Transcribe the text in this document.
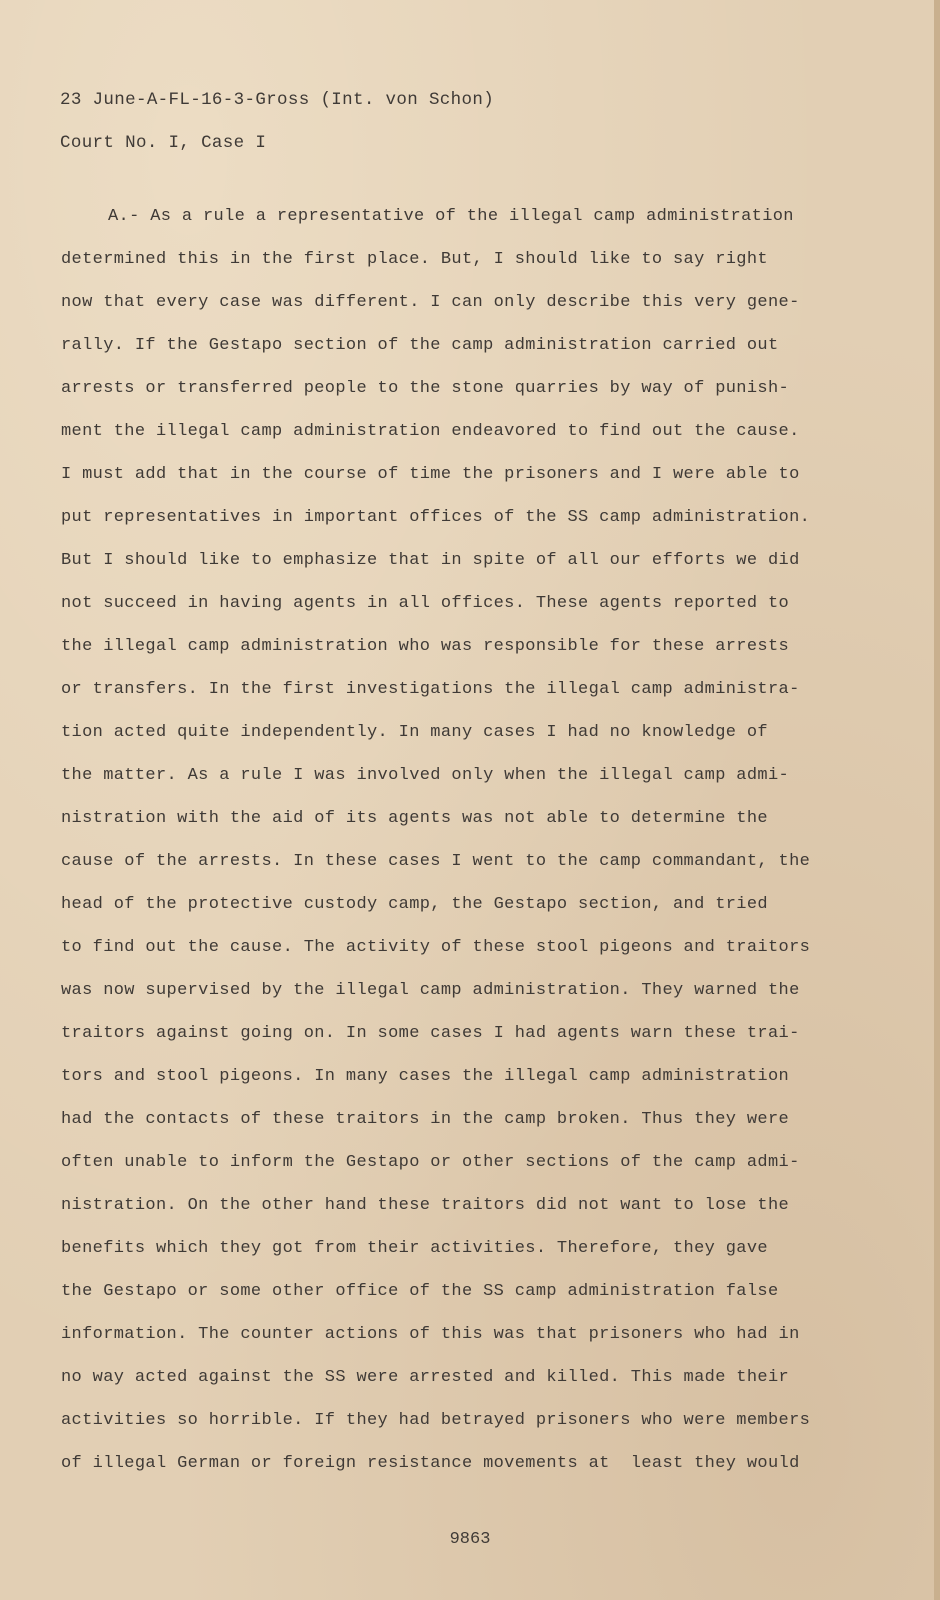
23 June-A-FL-16-3-Gross (Int. von Schon)

Court No. I, Case I

A.- As a rule a representative of the illegal camp administration

determined this in the first place. But, I should like to say right

now that every case was different. I can only describe this very gene-

rally. If the Gestapo section of the camp administration carried out

arrests or transferred people to the stone quarries by way of punish-

ment the illegal camp administration endeavored to find out the cause.

I must add that in the course of time the prisoners and I were able to

put representatives in important offices of the SS camp administration.

But I should like to emphasize that in spite of all our efforts we did

not succeed in having agents in all offices. These agents reported to

the illegal camp administration who was responsible for these arrests

or transfers. In the first investigations the illegal camp administra-

tion acted quite independently. In many cases I had no knowledge of

the matter. As a rule I was involved only when the illegal camp admi-

nistration with the aid of its agents was not able to determine the

cause of the arrests. In these cases I went to the camp commandant, the

head of the protective custody camp, the Gestapo section, and tried

to find out the cause. The activity of these stool pigeons and traitors

was now supervised by the illegal camp administration. They warned the

traitors against going on. In some cases I had agents warn these trai-

tors and stool pigeons. In many cases the illegal camp administration

had the contacts of these traitors in the camp broken. Thus they were

often unable to inform the Gestapo or other sections of the camp admi-

nistration. On the other hand these traitors did not want to lose the

benefits which they got from their activities. Therefore, they gave

the Gestapo or some other office of the SS camp administration false

information. The counter actions of this was that prisoners who had in

no way acted against the SS were arrested and killed. This made their

activities so horrible. If they had betrayed prisoners who were members

of illegal German or foreign resistance movements at  least they would

9863
